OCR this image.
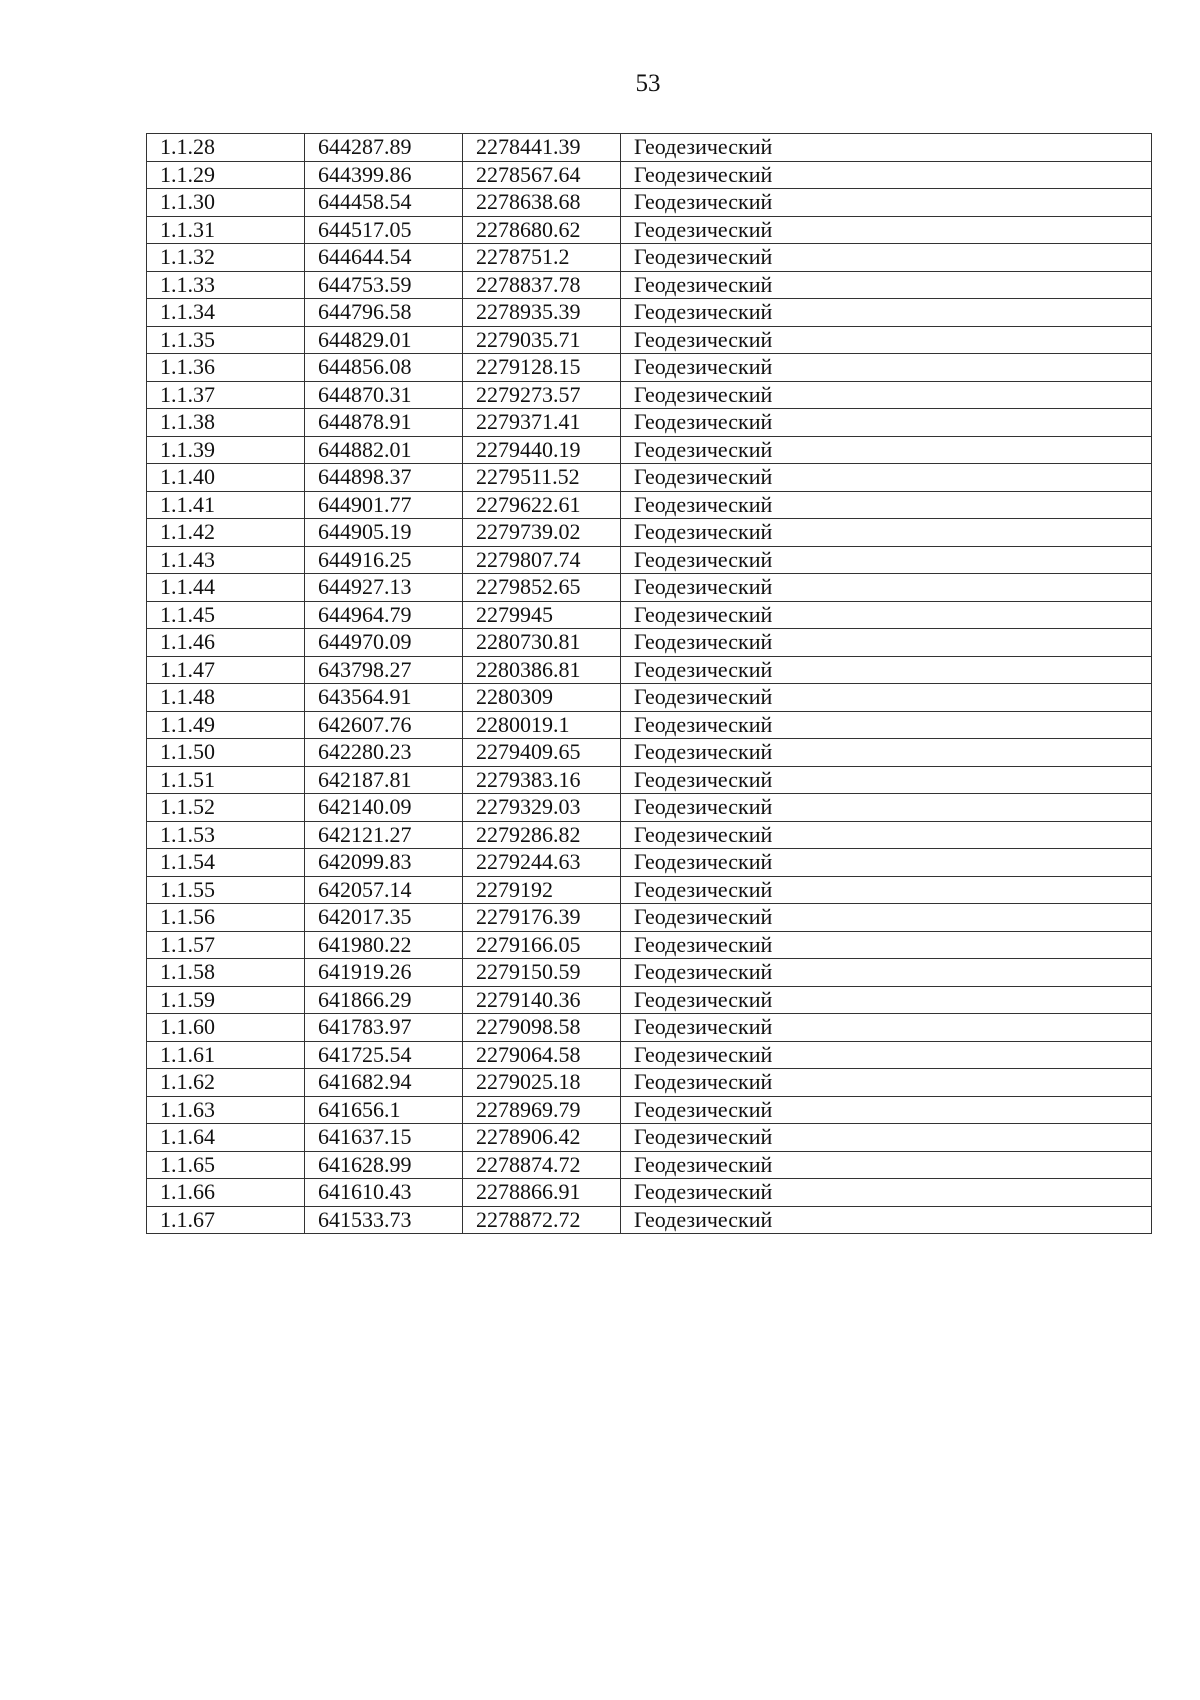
53
1.1.28	644287.89	2278441.39	Геодезический
1.1.29	644399.86	2278567.64	Геодезический
1.1.30	644458.54	2278638.68	Геодезический
1.1.31	644517.05	2278680.62	Геодезический
1.1.32	644644.54	2278751.2	Геодезический
1.1.33	644753.59	2278837.78	Геодезический
1.1.34	644796.58	2278935.39	Геодезический
1.1.35	644829.01	2279035.71	Геодезический
1.1.36	644856.08	2279128.15	Геодезический
1.1.37	644870.31	2279273.57	Геодезический
1.1.38	644878.91	2279371.41	Геодезический
1.1.39	644882.01	2279440.19	Геодезический
1.1.40	644898.37	2279511.52	Геодезический
1.1.41	644901.77	2279622.61	Геодезический
1.1.42	644905.19	2279739.02	Геодезический
1.1.43	644916.25	2279807.74	Геодезический
1.1.44	644927.13	2279852.65	Геодезический
1.1.45	644964.79	2279945	Геодезический
1.1.46	644970.09	2280730.81	Геодезический
1.1.47	643798.27	2280386.81	Геодезический
1.1.48	643564.91	2280309	Геодезический
1.1.49	642607.76	2280019.1	Геодезический
1.1.50	642280.23	2279409.65	Геодезический
1.1.51	642187.81	2279383.16	Геодезический
1.1.52	642140.09	2279329.03	Геодезический
1.1.53	642121.27	2279286.82	Геодезический
1.1.54	642099.83	2279244.63	Геодезический
1.1.55	642057.14	2279192	Геодезический
1.1.56	642017.35	2279176.39	Геодезический
1.1.57	641980.22	2279166.05	Геодезический
1.1.58	641919.26	2279150.59	Геодезический
1.1.59	641866.29	2279140.36	Геодезический
1.1.60	641783.97	2279098.58	Геодезический
1.1.61	641725.54	2279064.58	Геодезический
1.1.62	641682.94	2279025.18	Геодезический
1.1.63	641656.1	2278969.79	Геодезический
1.1.64	641637.15	2278906.42	Геодезический
1.1.65	641628.99	2278874.72	Геодезический
1.1.66	641610.43	2278866.91	Геодезический
1.1.67	641533.73	2278872.72	Геодезический
